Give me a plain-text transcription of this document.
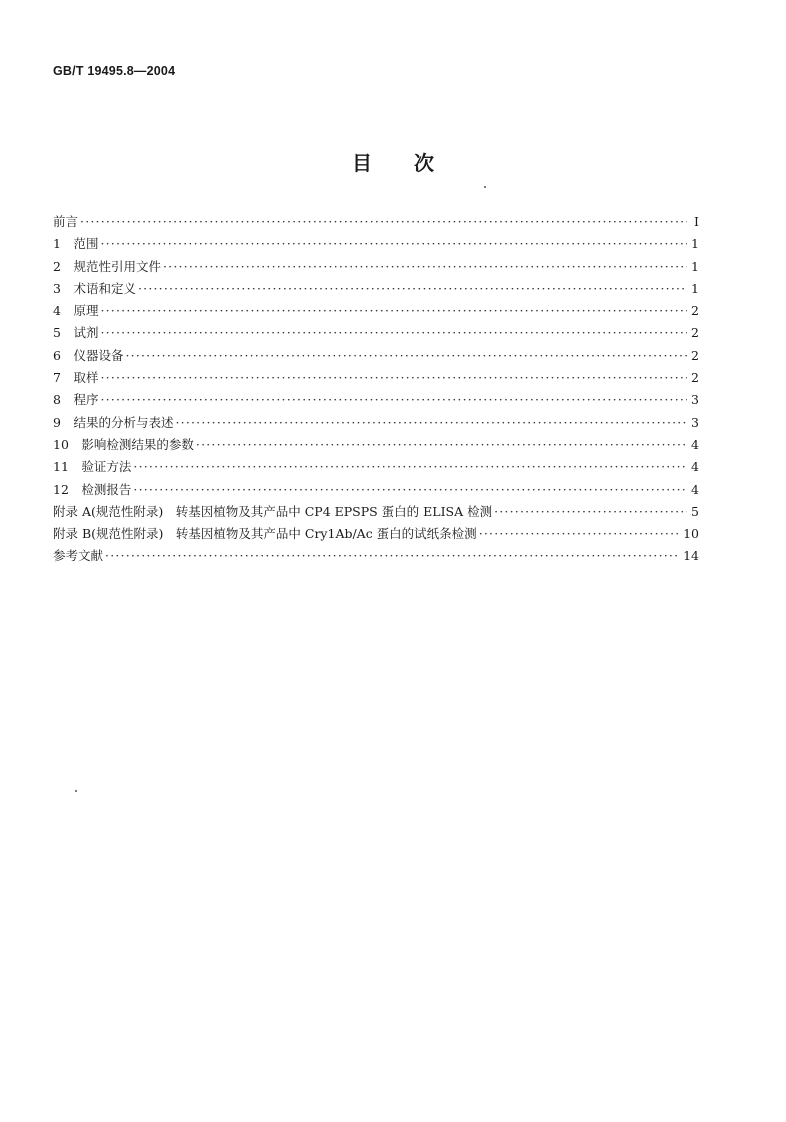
GB/T 19495.8—2004
目次
前言 ·····	I
1　范围 ·····	1
2　规范性引用文件 ·····	1
3　术语和定义 ·····	1
4　原理 ·····	2
5　试剂 ·····	2
6　仪器设备 ·····	2
7　取样 ·····	2
8　程序 ·····	3
9　结果的分析与表述 ·····	3
10　影响检测结果的参数 ·····	4
11　验证方法 ·····	4
12　检测报告 ·····	4
附录 A(规范性附录)　转基因植物及其产品中 CP4 EPSPS 蛋白的 ELISA 检测 ·····	5
附录 B(规范性附录)　转基因植物及其产品中 Cry1Ab/Ac 蛋白的试纸条检测 ·····	10
参考文献 ·····	14
